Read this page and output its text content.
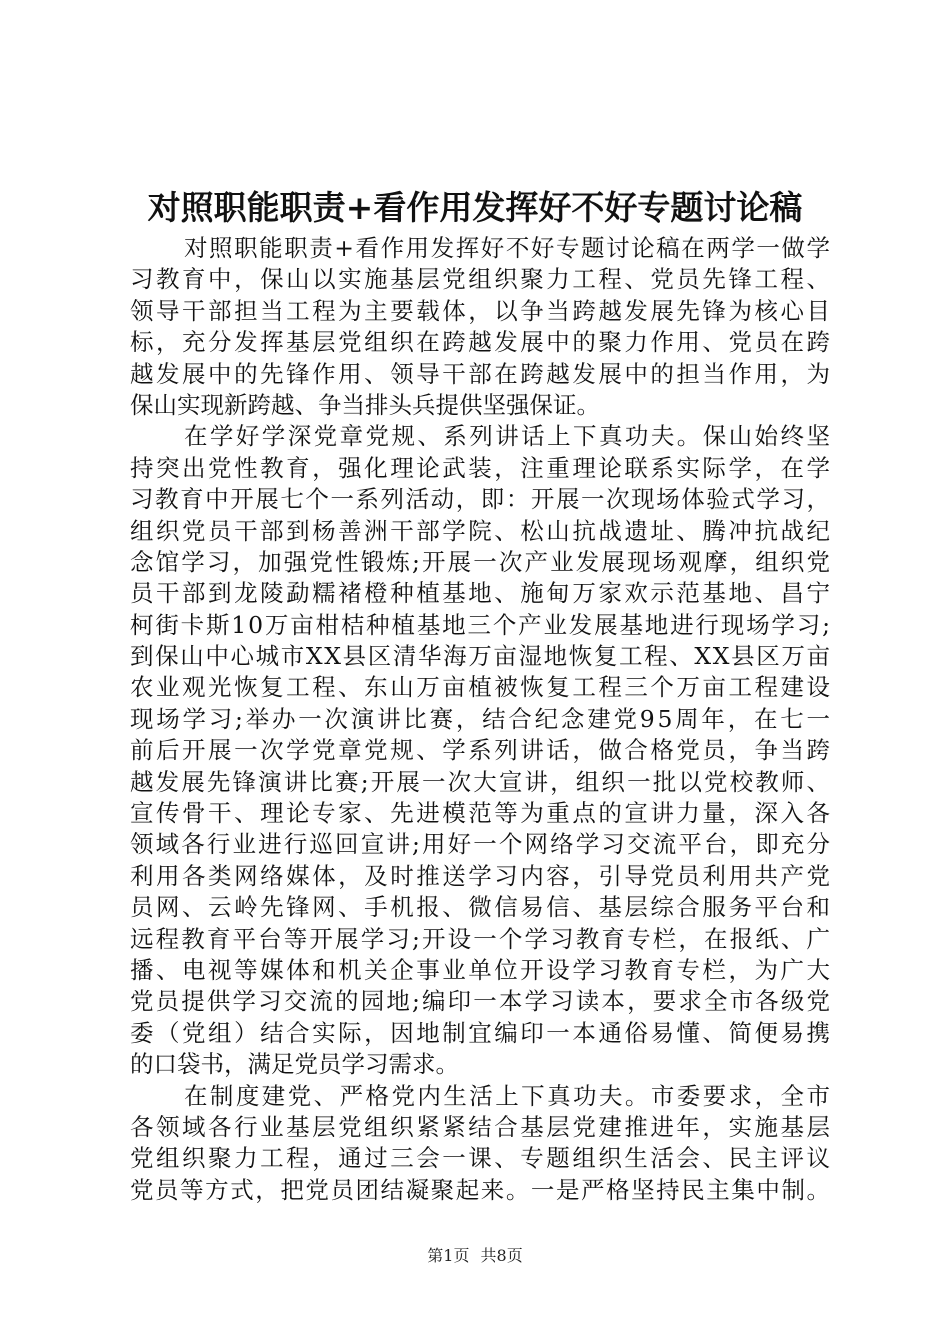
对照职能职责+看作用发挥好不好专题讨论稿
对照职能职责+看作用发挥好不好专题讨论稿在两学一做学
习教育中，保山以实施基层党组织聚力工程、党员先锋工程、
领导干部担当工程为主要载体，以争当跨越发展先锋为核心目
标，充分发挥基层党组织在跨越发展中的聚力作用、党员在跨
越发展中的先锋作用、领导干部在跨越发展中的担当作用，为
保山实现新跨越、争当排头兵提供坚强保证。
在学好学深党章党规、系列讲话上下真功夫。保山始终坚
持突出党性教育，强化理论武装，注重理论联系实际学，在学
习教育中开展七个一系列活动，即：开展一次现场体验式学习，
组织党员干部到杨善洲干部学院、松山抗战遗址、腾冲抗战纪
念馆学习，加强党性锻炼;开展一次产业发展现场观摩，组织党
员干部到龙陵勐糯褚橙种植基地、施甸万家欢示范基地、昌宁
柯街卡斯10万亩柑桔种植基地三个产业发展基地进行现场学习;
到保山中心城市XX县区清华海万亩湿地恢复工程、XX县区万亩
农业观光恢复工程、东山万亩植被恢复工程三个万亩工程建设
现场学习;举办一次演讲比赛，结合纪念建党95周年，在七一
前后开展一次学党章党规、学系列讲话，做合格党员，争当跨
越发展先锋演讲比赛;开展一次大宣讲，组织一批以党校教师、
宣传骨干、理论专家、先进模范等为重点的宣讲力量，深入各
领域各行业进行巡回宣讲;用好一个网络学习交流平台，即充分
利用各类网络媒体，及时推送学习内容，引导党员利用共产党
员网、云岭先锋网、手机报、微信易信、基层综合服务平台和
远程教育平台等开展学习;开设一个学习教育专栏，在报纸、广
播、电视等媒体和机关企事业单位开设学习教育专栏，为广大
党员提供学习交流的园地;编印一本学习读本，要求全市各级党
委（党组）结合实际，因地制宜编印一本通俗易懂、简便易携
的口袋书，满足党员学习需求。
在制度建党、严格党内生活上下真功夫。市委要求，全市
各领域各行业基层党组织紧紧结合基层党建推进年，实施基层
党组织聚力工程，通过三会一课、专题组织生活会、民主评议
党员等方式，把党员团结凝聚起来。一是严格坚持民主集中制。
第1页 共8页
